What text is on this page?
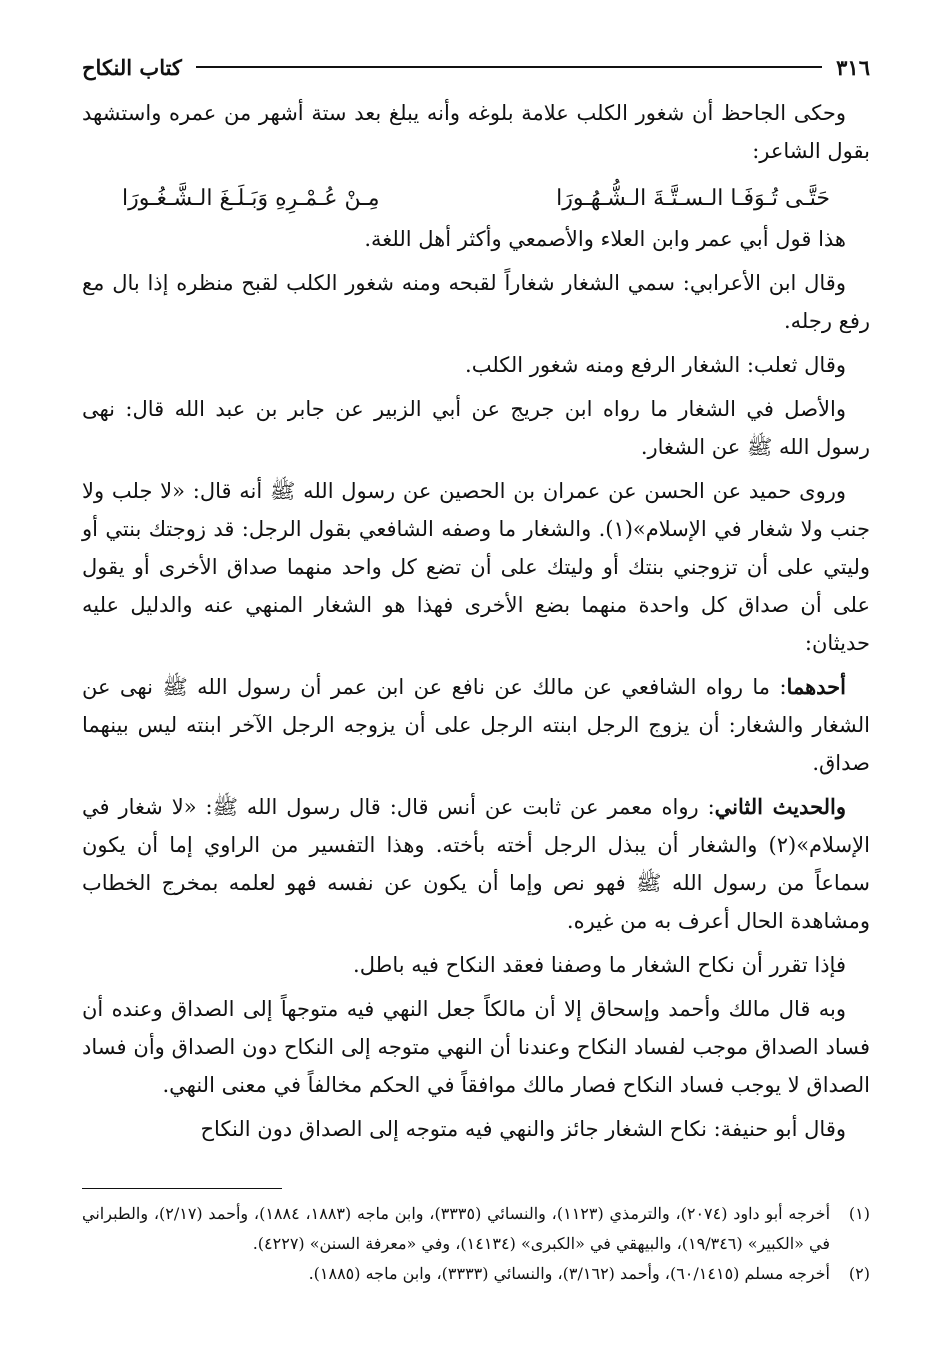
٣١٦
كتاب النكاح

وحكى الجاحظ أن شغور الكلب علامة بلوغه وأنه يبلغ بعد ستة أشهر من عمره واستشهد بقول الشاعر:

حَتَّـى تُـوَفَـا الـسـتَّـةَ الـشُّـهُـورَا
مِـنْ عُـمْـرِهِ وَبَـلَـغَ الـشَّـغُـورَا

هذا قول أبي عمر وابن العلاء والأصمعي وأكثر أهل اللغة.

وقال ابن الأعرابي: سمي الشغار شغاراً لقبحه ومنه شغور الكلب لقبح منظره إذا بال مع رفع رجله.

وقال ثعلب: الشغار الرفع ومنه شغور الكلب.

والأصل في الشغار ما رواه ابن جريج عن أبي الزبير عن جابر بن عبد الله قال: نهى رسول الله ﷺ عن الشغار.

وروى حميد عن الحسن عن عمران بن الحصين عن رسول الله ﷺ أنه قال: «لا جلب ولا جنب ولا شغار في الإسلام»(١). والشغار ما وصفه الشافعي بقول الرجل: قد زوجتك بنتي أو وليتي على أن تزوجني بنتك أو وليتك على أن تضع كل واحد منهما صداق الأخرى أو يقول على أن صداق كل واحدة منهما بضع الأخرى فهذا هو الشغار المنهي عنه والدليل عليه حديثان:

أحدهما: ما رواه الشافعي عن مالك عن نافع عن ابن عمر أن رسول الله ﷺ نهى عن الشغار والشغار: أن يزوج الرجل ابنته الرجل على أن يزوجه الرجل الآخر ابنته ليس بينهما صداق.

والحديث الثاني: رواه معمر عن ثابت عن أنس قال: قال رسول الله ﷺ: «لا شغار في الإسلام»(٢) والشغار أن يبذل الرجل أخته بأخته. وهذا التفسير من الراوي إما أن يكون سماعاً من رسول الله ﷺ فهو نص وإما أن يكون عن نفسه فهو لعلمه بمخرج الخطاب ومشاهدة الحال أعرف به من غيره.

فإذا تقرر أن نكاح الشغار ما وصفنا فعقد النكاح فيه باطل.

وبه قال مالك وأحمد وإسحاق إلا أن مالكاً جعل النهي فيه متوجهاً إلى الصداق وعنده أن فساد الصداق موجب لفساد النكاح وعندنا أن النهي متوجه إلى النكاح دون الصداق وأن فساد الصداق لا يوجب فساد النكاح فصار مالك موافقاً في الحكم مخالفاً في معنى النهي.

وقال أبو حنيفة: نكاح الشغار جائز والنهي فيه متوجه إلى الصداق دون النكاح

(١)
أخرجه أبو داود (٢٠٧٤)، والترمذي (١١٢٣)، والنسائي (٣٣٣٥)، وابن ماجه (١٨٨٣، ١٨٨٤)، وأحمد (٢/١٧)، والطبراني في «الكبير» (١٩/٣٤٦)، والبيهقي في «الكبرى» (١٤١٣٤)، وفي «معرفة السنن» (٤٢٢٧).
(٢)
أخرجه مسلم (٦٠/١٤١٥)، وأحمد (٣/١٦٢)، والنسائي (٣٣٣٣)، وابن ماجه (١٨٨٥).
